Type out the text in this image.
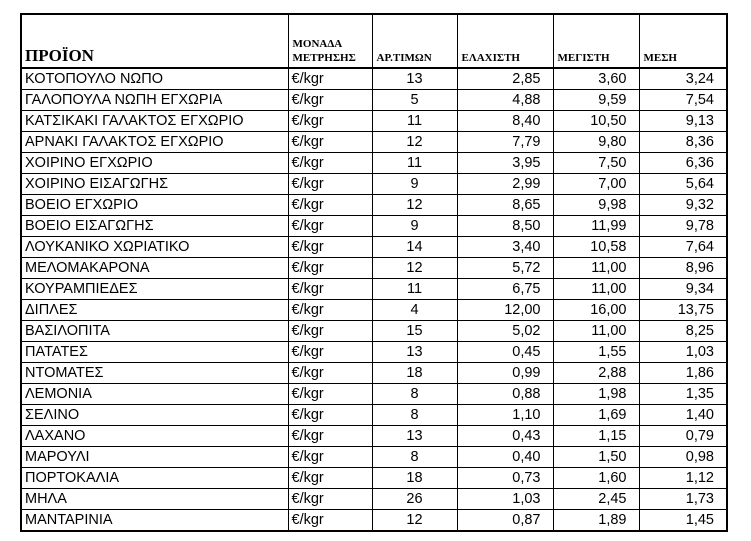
ΠΡΟΪΟΝ	ΜΟΝΑΔΑ ΜΕΤΡΗΣΗΣ	ΑΡ.ΤΙΜΩΝ	ΕΛΑΧΙΣΤΗ	ΜΕΓΙΣΤΗ	ΜΕΣΗ
ΚΟΤΟΠΟΥΛΟ ΝΩΠΟ	€/kgr	13	2,85	3,60	3,24
ΓΑΛΟΠΟΥΛΑ ΝΩΠΗ ΕΓΧΩΡΙΑ	€/kgr	5	4,88	9,59	7,54
ΚΑΤΣΙΚΑΚΙ ΓΑΛΑΚΤΟΣ ΕΓΧΩΡΙΟ	€/kgr	11	8,40	10,50	9,13
ΑΡΝΑΚΙ ΓΑΛΑΚΤΟΣ ΕΓΧΩΡΙΟ	€/kgr	12	7,79	9,80	8,36
ΧΟΙΡΙΝΟ ΕΓΧΩΡΙΟ	€/kgr	11	3,95	7,50	6,36
ΧΟΙΡΙΝΟ ΕΙΣΑΓΩΓΗΣ	€/kgr	9	2,99	7,00	5,64
ΒΟΕΙΟ ΕΓΧΩΡΙΟ	€/kgr	12	8,65	9,98	9,32
ΒΟΕΙΟ ΕΙΣΑΓΩΓΗΣ	€/kgr	9	8,50	11,99	9,78
ΛΟΥΚΑΝΙΚΟ ΧΩΡΙΑΤΙΚΟ	€/kgr	14	3,40	10,58	7,64
ΜΕΛΟΜΑΚΑΡΟΝΑ	€/kgr	12	5,72	11,00	8,96
ΚΟΥΡΑΜΠΙΕΔΕΣ	€/kgr	11	6,75	11,00	9,34
ΔΙΠΛΕΣ	€/kgr	4	12,00	16,00	13,75
ΒΑΣΙΛΟΠΙΤΑ	€/kgr	15	5,02	11,00	8,25
ΠΑΤΑΤΕΣ	€/kgr	13	0,45	1,55	1,03
ΝΤΟΜΑΤΕΣ	€/kgr	18	0,99	2,88	1,86
ΛΕΜΟΝΙΑ	€/kgr	8	0,88	1,98	1,35
ΣΕΛΙΝΟ	€/kgr	8	1,10	1,69	1,40
ΛΑΧΑΝΟ	€/kgr	13	0,43	1,15	0,79
ΜΑΡΟΥΛΙ	€/kgr	8	0,40	1,50	0,98
ΠΟΡΤΟΚΑΛΙΑ	€/kgr	18	0,73	1,60	1,12
ΜΗΛΑ	€/kgr	26	1,03	2,45	1,73
ΜΑΝΤΑΡΙΝΙΑ	€/kgr	12	0,87	1,89	1,45
